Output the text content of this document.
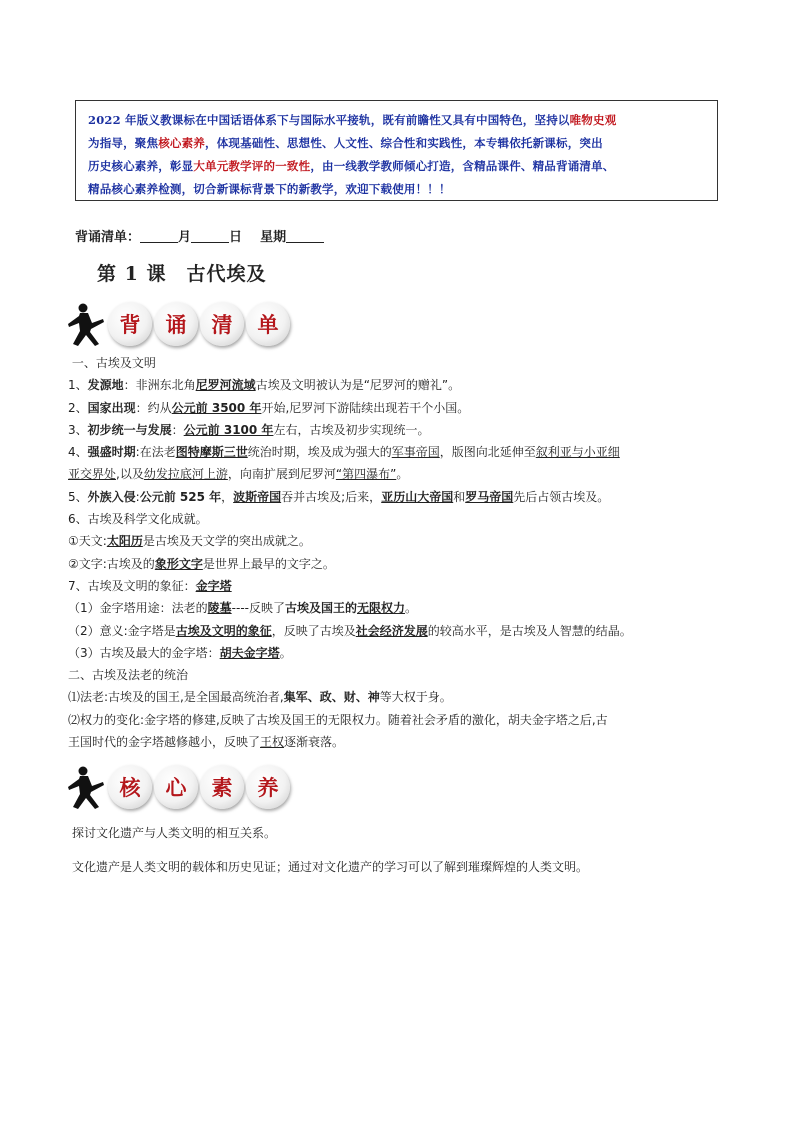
2022 年版义教课标在中国话语体系下与国际水平接轨，既有前瞻性又具有中国特色，坚持以唯物史观
为指导，聚焦核心素养，体现基础性、思想性、人文性、综合性和实践性，本专辑依托新课标，突出
历史核心素养，彰显大单元教学评的一致性，由一线教学教师倾心打造，含精品课件、精品背诵清单、
精品核心素养检测，切合新课标背景下的新教学，欢迎下载使用！！！
背诵清单：	月	日 星期
第 1 课　古代埃及
背	诵	清	单

一、古埃及文明

1、发源地：非洲东北角尼罗河流域古埃及文明被认为是“尼罗河的赠礼”。

2、国家出现：约从公元前 3500 年开始,尼罗河下游陆续出现若干个小国。

3、初步统一与发展：公元前 3100 年左右，古埃及初步实现统一。

4、强盛时期:在法老图特摩斯三世统治时期，埃及成为强大的军事帝国，版图向北延伸至叙利亚与小亚细

亚交界处,以及幼发拉底河上游，向南扩展到尼罗河“第四瀑布”。

5、外族入侵:公元前 525 年，波斯帝国吞并古埃及;后来，亚历山大帝国和罗马帝国先后占领古埃及。

6、古埃及科学文化成就。

①天文:太阳历是古埃及天文学的突出成就之。

②文字:古埃及的象形文字是世界上最早的文字之。

7、古埃及文明的象征：金字塔

（1）金字塔用途：法老的陵墓----反映了古埃及国王的无限权力。

（2）意义:金字塔是古埃及文明的象征，反映了古埃及社会经济发展的较高水平，是古埃及人智慧的结晶。

（3）古埃及最大的金字塔：胡夫金字塔。

二、古埃及法老的统治

⑴法老:古埃及的国王,是全国最高统治者,集军、政、财、神等大权于身。

⑵权力的变化:金字塔的修建,反映了古埃及国王的无限权力。随着社会矛盾的激化，胡夫金字塔之后,古

王国时代的金字塔越修越小，反映了王权逐渐衰落。

核	心	素	养

探讨文化遗产与人类文明的相互关系。

文化遗产是人类文明的载体和历史见证；通过对文化遗产的学习可以了解到璀璨辉煌的人类文明。
